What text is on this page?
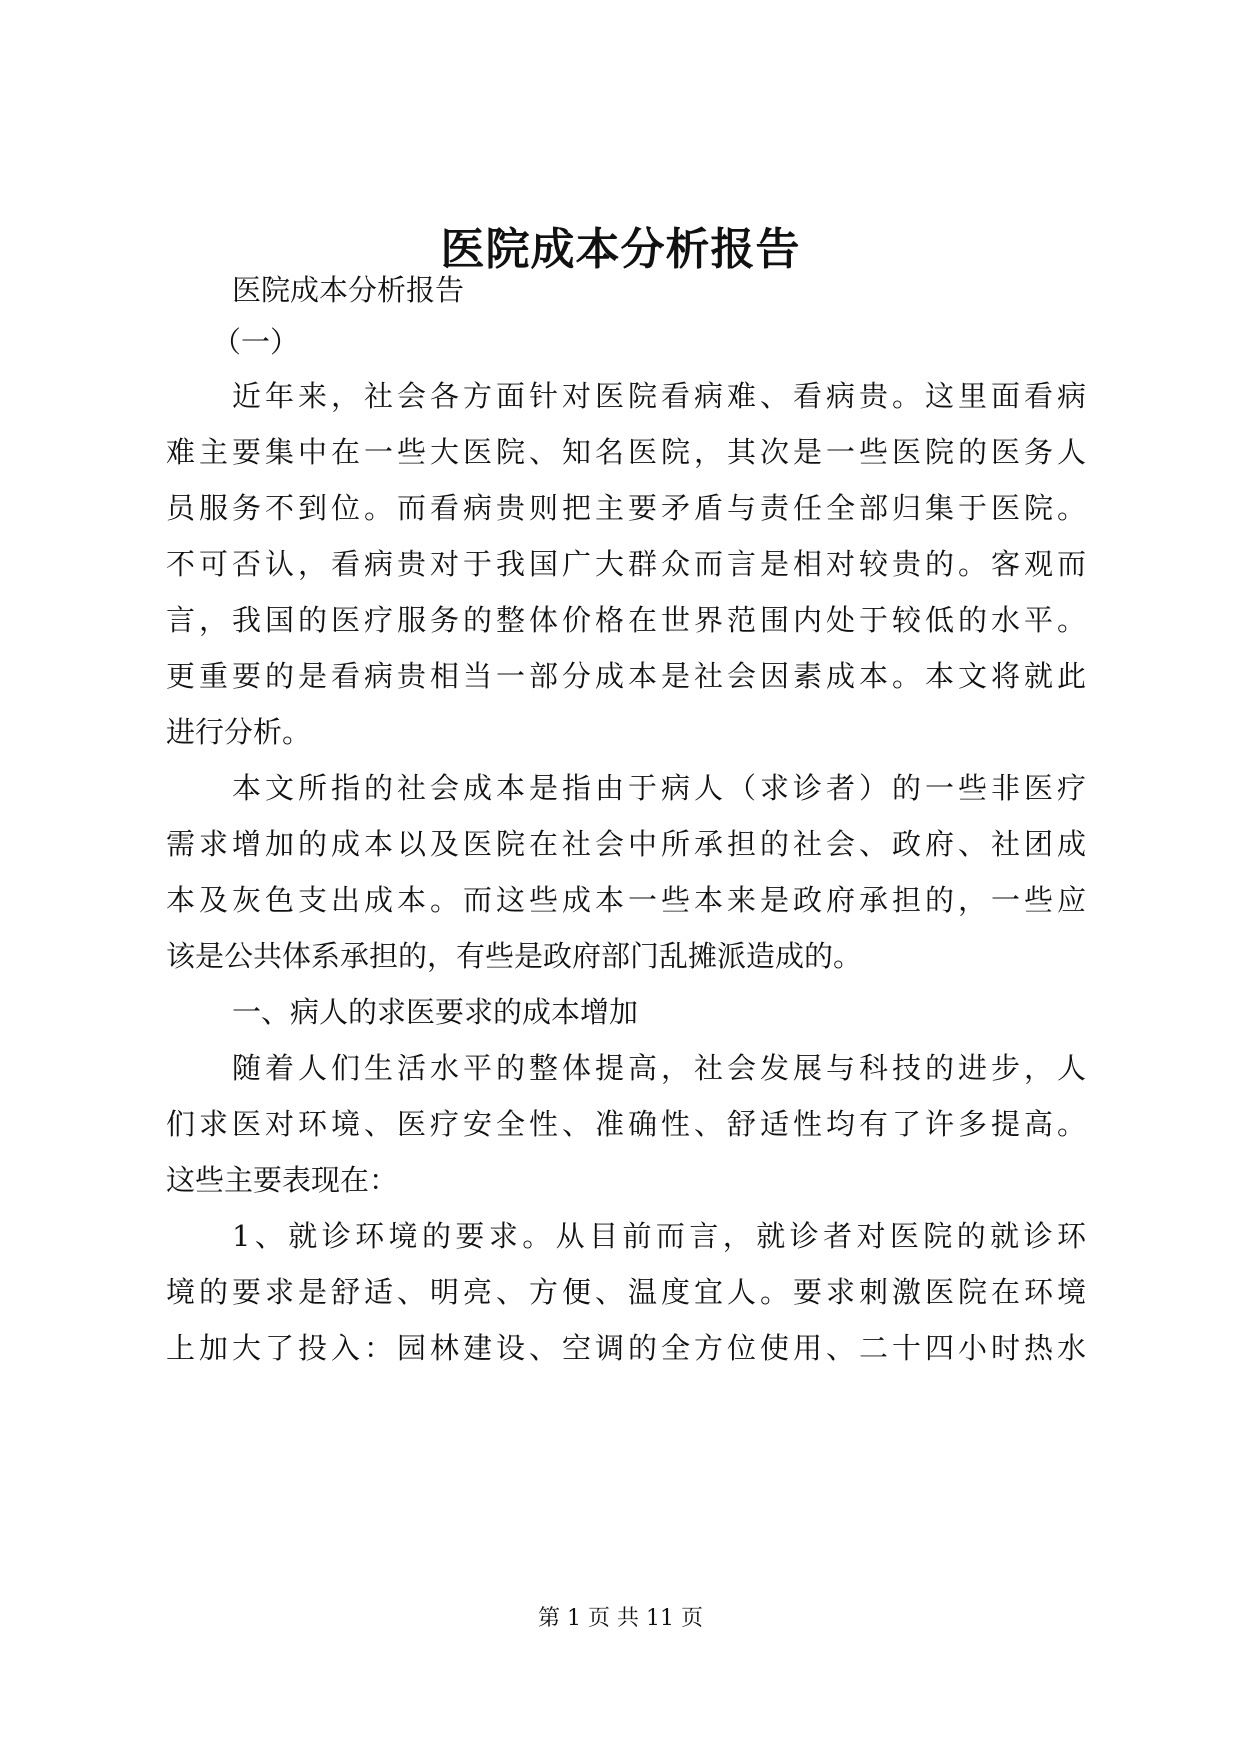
医院成本分析报告
医院成本分析报告
（一）
近年来，社会各方面针对医院看病难、看病贵。这里面看病
难主要集中在一些大医院、知名医院，其次是一些医院的医务人
员服务不到位。而看病贵则把主要矛盾与责任全部归集于医院。
不可否认，看病贵对于我国广大群众而言是相对较贵的。客观而
言，我国的医疗服务的整体价格在世界范围内处于较低的水平。
更重要的是看病贵相当一部分成本是社会因素成本。本文将就此
进行分析。
本文所指的社会成本是指由于病人（求诊者）的一些非医疗
需求增加的成本以及医院在社会中所承担的社会、政府、社团成
本及灰色支出成本。而这些成本一些本来是政府承担的，一些应
该是公共体系承担的，有些是政府部门乱摊派造成的。
一、病人的求医要求的成本增加
随着人们生活水平的整体提高，社会发展与科技的进步，人
们求医对环境、医疗安全性、准确性、舒适性均有了许多提高。
这些主要表现在：
1、就诊环境的要求。从目前而言，就诊者对医院的就诊环
境的要求是舒适、明亮、方便、温度宜人。要求刺激医院在环境
上加大了投入：园林建设、空调的全方位使用、二十四小时热水
第 1 页 共 11 页
